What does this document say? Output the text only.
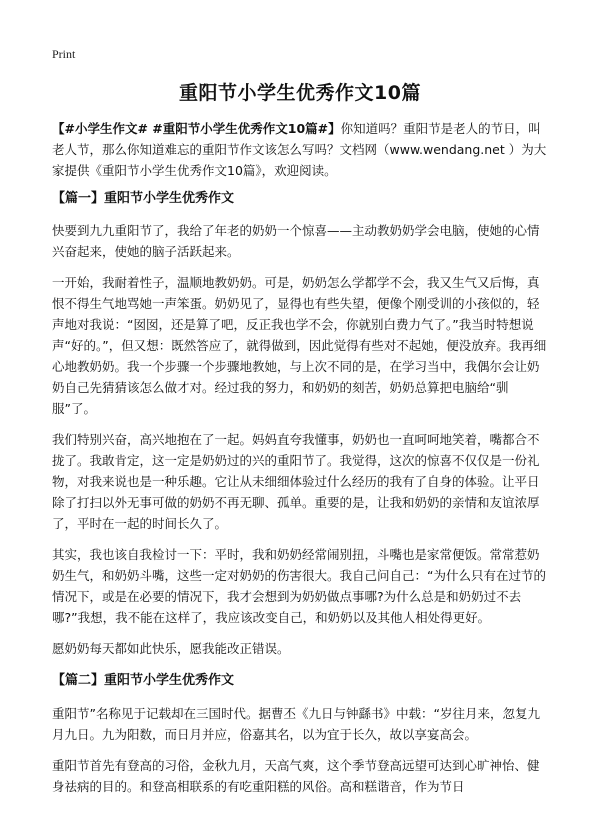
Print
重阳节小学生优秀作文10篇

【#小学生作文# #重阳节小学生优秀作文10篇#】你知道吗？重阳节是老人的节日，叫老人节，那么你知道难忘的重阳节作文该怎么写吗？文档网（www.wendang.net ）为大家提供《重阳节小学生优秀作文10篇》，欢迎阅读。

【篇一】重阳节小学生优秀作文

快要到九九重阳节了，我给了年老的奶奶一个惊喜——主动教奶奶学会电脑，使她的心情兴奋起来，使她的脑子活跃起来。

一开始，我耐着性子，温顺地教奶奶。可是，奶奶怎么学都学不会，我又生气又后悔，真恨不得生气地骂她一声笨蛋。奶奶见了，显得也有些失望，便像个刚受训的小孩似的，轻声地对我说：“囡囡，还是算了吧，反正我也学不会，你就别白费力气了。”我当时特想说声“好的。”，但又想：既然答应了，就得做到，因此觉得有些对不起她，便没放弃。我再细心地教奶奶。我一个步骤一个步骤地教她，与上次不同的是，在学习当中，我偶尔会让奶奶自己先猜猜该怎么做才对。经过我的努力，和奶奶的刻苦，奶奶总算把电脑给“驯服”了。

我们特别兴奋，高兴地抱在了一起。妈妈直夸我懂事，奶奶也一直呵呵地笑着，嘴都合不拢了。我敢肯定，这一定是奶奶过的兴的重阳节了。我觉得，这次的惊喜不仅仅是一份礼物，对我来说也是一种乐趣。它让从未细细体验过什么经历的我有了自身的体验。让平日除了打扫以外无事可做的奶奶不再无聊、孤单。重要的是，让我和奶奶的亲情和友谊浓厚了，平时在一起的时间长久了。

其实，我也该自我检讨一下：平时，我和奶奶经常闹别扭，斗嘴也是家常便饭。常常惹奶奶生气，和奶奶斗嘴，这些一定对奶奶的伤害很大。我自己问自己：“为什么只有在过节的情况下，或是在必要的情况下，我才会想到为奶奶做点事哪?为什么总是和奶奶过不去哪?”我想，我不能在这样了，我应该改变自己，和奶奶以及其他人相处得更好。

愿奶奶每天都如此快乐，愿我能改正错误。

【篇二】重阳节小学生优秀作文

重阳节”名称见于记载却在三国时代。据曹丕《九日与钟繇书》中载：“岁往月来，忽复九月九日。九为阳数，而日月并应，俗嘉其名，以为宜于长久，故以享宴高会。

重阳节首先有登高的习俗，金秋九月，天高气爽，这个季节登高远望可达到心旷神怡、健身祛病的目的。和登高相联系的有吃重阳糕的风俗。高和糕谐音，作为节日
